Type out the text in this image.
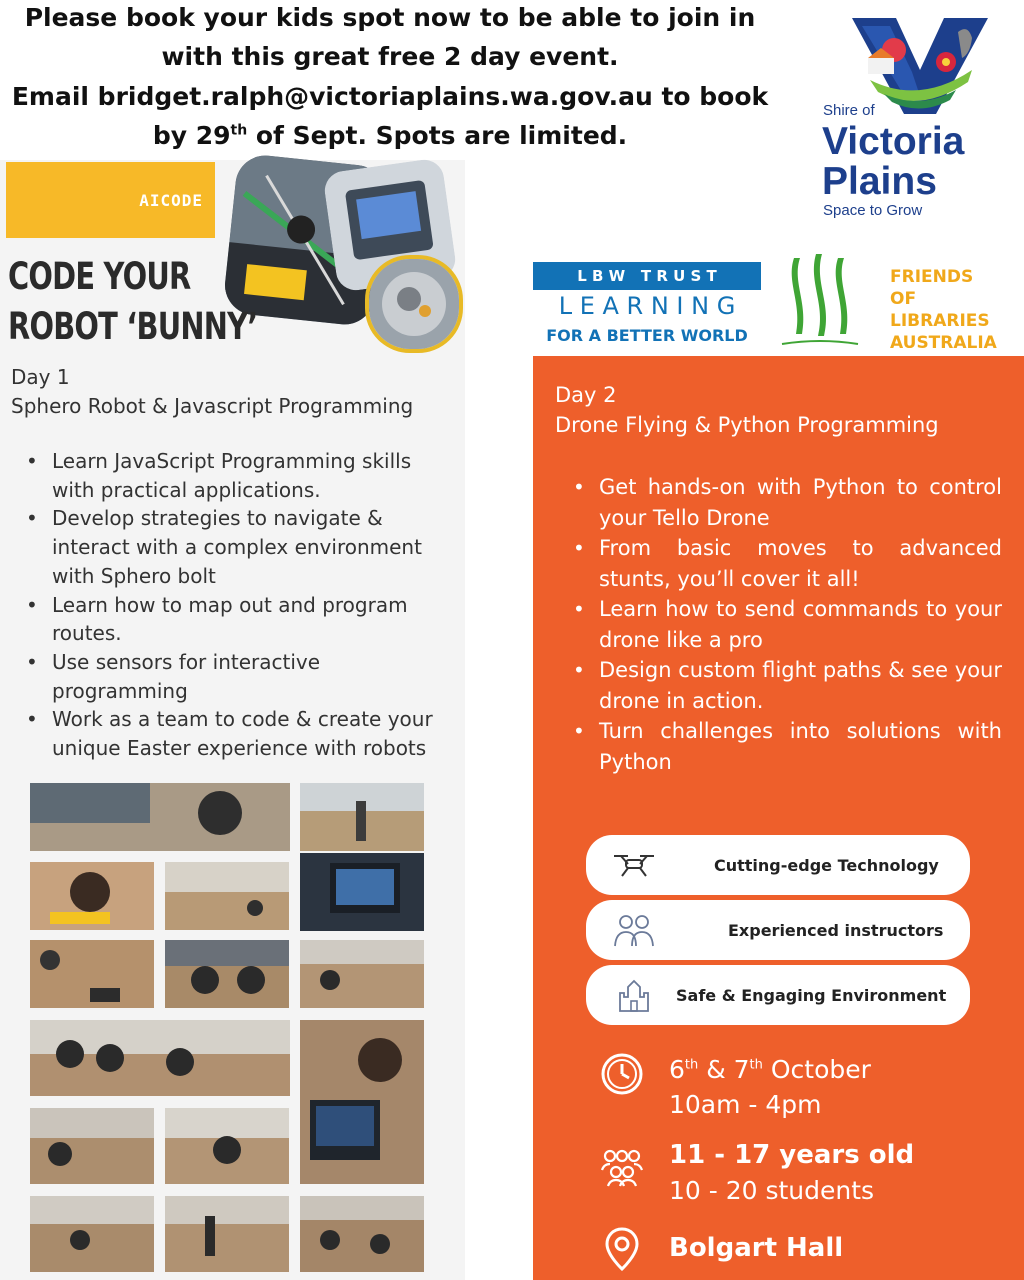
Please book your kids spot now to be able to join in
with this great free 2 day event.
Email bridget.ralph@victoriaplains.wa.gov.au to book
by 29th of Sept. Spots are limited.
Shire of
Victoria
Plains
Space to Grow
AICODE
CODE YOUR
ROBOT ‘BUNNY’
L B W   T R U S T
L E A R N I N G
FOR A BETTER WORLD
FRIENDS OF
LIBRARIES
AUSTRALIA
Day 1
Sphero Robot & Javascript Programming
• Learn JavaScript Programming skills with practical applications.
• Develop strategies to navigate & interact with a complex environment with Sphero bolt
• Learn how to map out and program routes.
• Use sensors for interactive programming
• Work as a team to code & create your unique Easter experience with robots
Day 2
Drone Flying & Python Programming
• Get hands-on with Python to control your Tello Drone
• From basic moves to advanced stunts, you’ll cover it all!
• Learn how to send commands to your drone like a pro
• Design custom flight paths & see your drone in action.
• Turn challenges into solutions with Python
Cutting-edge Technology
Experienced instructors
Safe & Engaging Environment
6th & 7th October
10am - 4pm
11 - 17 years old
10 - 20 students
Bolgart Hall
